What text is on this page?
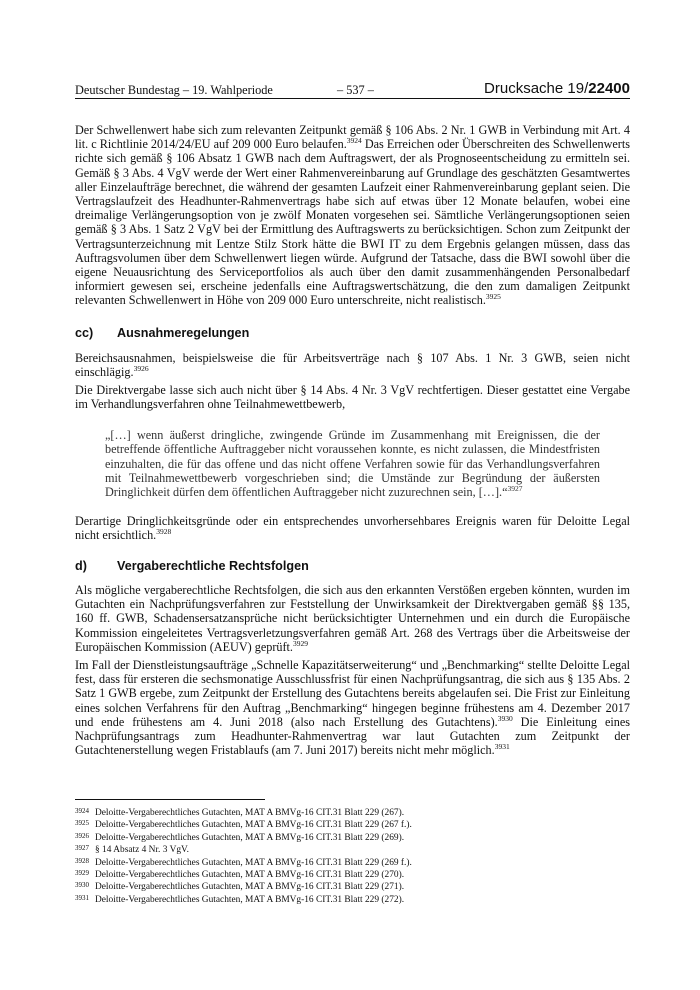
Deutscher Bundestag – 19. Wahlperiode	– 537 –	Drucksache 19/22400

Der Schwellenwert habe sich zum relevanten Zeitpunkt gemäß § 106 Abs. 2 Nr. 1 GWB in Verbindung mit Art. 4 lit. c Richtlinie 2014/24/EU auf 209 000 Euro belaufen.$^{3924}$ Das Erreichen oder Überschreiten des Schwellenwerts richte sich gemäß § 106 Absatz 1 GWB nach dem Auftragswert, der als Prognoseentscheidung zu ermitteln sei. Gemäß § 3 Abs. 4 VgV werde der Wert einer Rahmenvereinbarung auf Grundlage des geschätzten Gesamtwertes aller Einzelaufträge berechnet, die während der gesamten Laufzeit einer Rahmenvereinbarung geplant seien. Die Vertragslaufzeit des Headhunter-Rahmenvertrags habe sich auf etwas über 12 Monate belaufen, wobei eine dreimalige Verlängerungsoption von je zwölf Monaten vorgesehen sei. Sämtliche Verlängerungsoptionen seien gemäß § 3 Abs. 1 Satz 2 VgV bei der Ermittlung des Auftragswerts zu berücksichtigen. Schon zum Zeitpunkt der Vertragsunterzeichnung mit Lentze Stilz Stork hätte die BWI IT zu dem Ergebnis gelangen müssen, dass das Auftragsvolumen über dem Schwellenwert liegen würde. Aufgrund der Tatsache, dass die BWI sowohl über die eigene Neuausrichtung des Serviceportfolios als auch über den damit zusammenhängenden Personalbedarf informiert gewesen sei, erscheine jedenfalls eine Auftragswertschätzung, die den zum damaligen Zeitpunkt relevanten Schwellenwert in Höhe von 209 000 Euro unterschreite, nicht realistisch.$^{3925}$

cc) Ausnahmeregelungen

Bereichsausnahmen, beispielsweise die für Arbeitsverträge nach § 107 Abs. 1 Nr. 3 GWB, seien nicht einschlägig.$^{3926}$

Die Direktvergabe lasse sich auch nicht über § 14 Abs. 4 Nr. 3 VgV rechtfertigen. Dieser gestattet eine Vergabe im Verhandlungsverfahren ohne Teilnahmewettbewerb,

„[…] wenn äußerst dringliche, zwingende Gründe im Zusammenhang mit Ereignissen, die der betreffende öffentliche Auftraggeber nicht voraussehen konnte, es nicht zulassen, die Mindestfristen einzuhalten, die für das offene und das nicht offene Verfahren sowie für das Verhandlungsverfahren mit Teilnahmewettbewerb vorgeschrieben sind; die Umstände zur Begründung der äußersten Dringlichkeit dürfen dem öffentlichen Auftraggeber nicht zuzurechnen sein, […].“$^{3927}$

Derartige Dringlichkeitsgründe oder ein entsprechendes unvorhersehbares Ereignis waren für Deloitte Legal nicht ersichtlich.$^{3928}$

d) Vergaberechtliche Rechtsfolgen

Als mögliche vergaberechtliche Rechtsfolgen, die sich aus den erkannten Verstößen ergeben könnten, wurden im Gutachten ein Nachprüfungsverfahren zur Feststellung der Unwirksamkeit der Direktvergaben gemäß §§ 135, 160 ff. GWB, Schadensersatzansprüche nicht berücksichtigter Unternehmen und ein durch die Europäische Kommission eingeleitetes Vertragsverletzungsverfahren gemäß Art. 268 des Vertrags über die Arbeitsweise der Europäischen Kommission (AEUV) geprüft.$^{3929}$

Im Fall der Dienstleistungsaufträge „Schnelle Kapazitätserweiterung“ und „Benchmarking“ stellte Deloitte Legal fest, dass für ersteren die sechsmonatige Ausschlussfrist für einen Nachprüfungsantrag, die sich aus § 135 Abs. 2 Satz 1 GWB ergebe, zum Zeitpunkt der Erstellung des Gutachtens bereits abgelaufen sei. Die Frist zur Einleitung eines solchen Verfahrens für den Auftrag „Benchmarking“ hingegen beginne frühestens am 4. Dezember 2017 und ende frühestens am 4. Juni 2018 (also nach Erstellung des Gutachtens).$^{3930}$ Die Einleitung eines Nachprüfungsantrags zum Headhunter-Rahmenvertrag war laut Gutachten zum Zeitpunkt der Gutachtenerstellung wegen Fristablaufs (am 7. Juni 2017) bereits nicht mehr möglich.$^{3931}$

3924 Deloitte-Vergaberechtliches Gutachten, MAT A BMVg-16 CIT.31 Blatt 229 (267).
3925 Deloitte-Vergaberechtliches Gutachten, MAT A BMVg-16 CIT.31 Blatt 229 (267 f.).
3926 Deloitte-Vergaberechtliches Gutachten, MAT A BMVg-16 CIT.31 Blatt 229 (269).
3927 § 14 Absatz 4 Nr. 3 VgV.
3928 Deloitte-Vergaberechtliches Gutachten, MAT A BMVg-16 CIT.31 Blatt 229 (269 f.).
3929 Deloitte-Vergaberechtliches Gutachten, MAT A BMVg-16 CIT.31 Blatt 229 (270).
3930 Deloitte-Vergaberechtliches Gutachten, MAT A BMVg-16 CIT.31 Blatt 229 (271).
3931 Deloitte-Vergaberechtliches Gutachten, MAT A BMVg-16 CIT.31 Blatt 229 (272).
